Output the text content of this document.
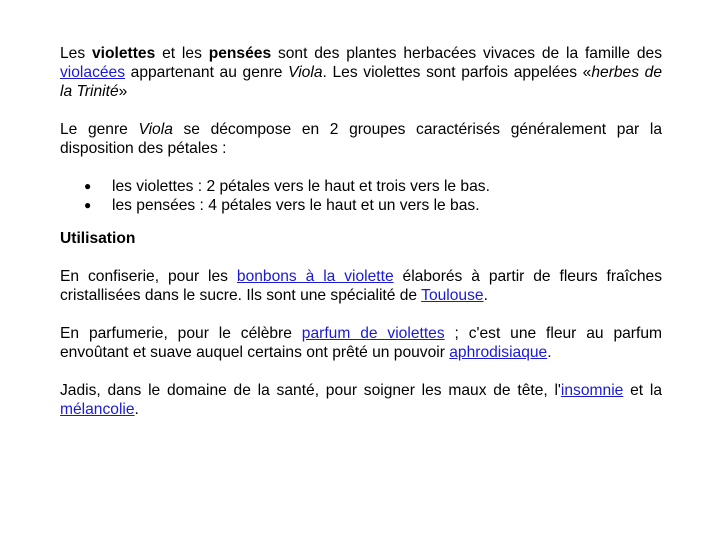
Les violettes et les pensées sont des plantes herbacées vivaces de la famille des violacées appartenant au genre Viola. Les violettes sont parfois appelées «herbes de la Trinité»

Le genre Viola se décompose en 2 groupes caractérisés généralement par la disposition des pétales :

● les violettes : 2 pétales vers le haut et trois vers le bas.
● les pensées : 4 pétales vers le haut et un vers le bas.
Utilisation

En confiserie, pour les bonbons à la violette élaborés à partir de fleurs fraîches cristallisées dans le sucre. Ils sont une spécialité de Toulouse.

En parfumerie, pour le célèbre parfum de violettes ; c'est une fleur au parfum envoûtant et suave auquel certains ont prêté un pouvoir aphrodisiaque.

Jadis, dans le domaine de la santé, pour soigner les maux de tête, l'insomnie et la mélancolie.
